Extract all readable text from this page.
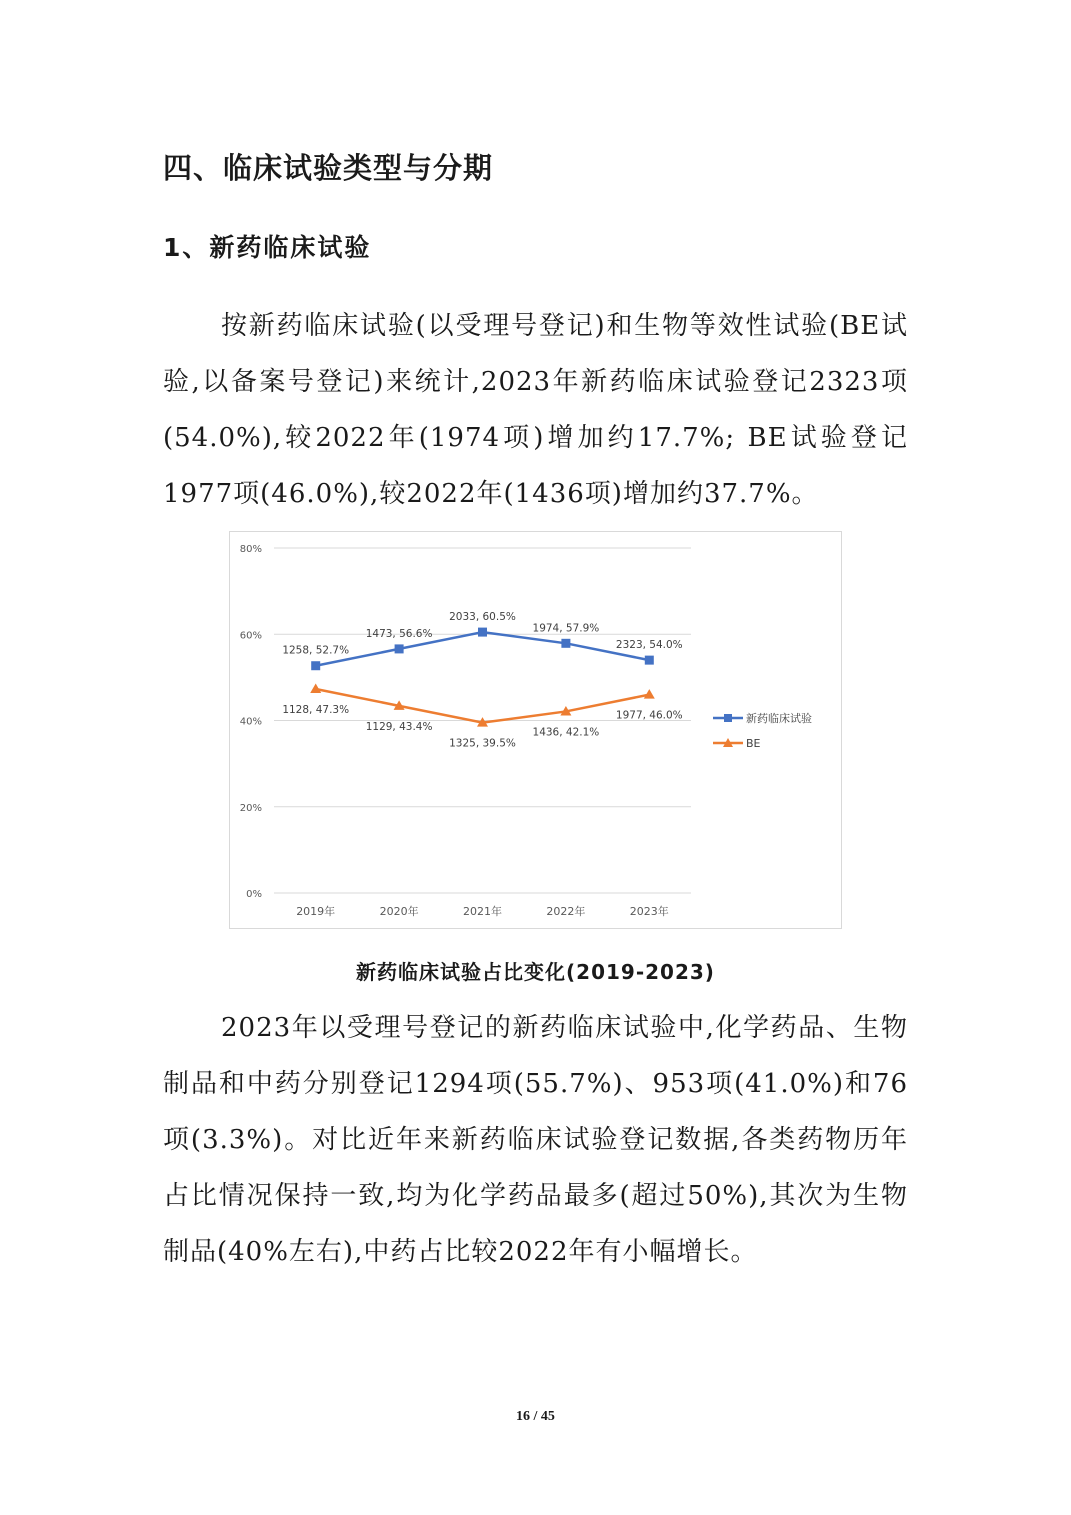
四、临床试验类型与分期
1、新药临床试验

按新药临床试验(以受理号登记)和生物等效性试验(BE试验,以备案号登记)来统计,2023年新药临床试验登记2323项(54.0%),较2022年(1974项)增加约17.7%; BE试验登记1977项(46.0%),较2022年(1436项)增加约37.7%。

0%
20%
40%
60%
80%
2019年	2020年	2021年	2022年	2023年
1258, 52.7%
1473, 56.6%
2033, 60.5%
1974, 57.9%
2323, 54.0%
1128, 47.3%
1129, 43.4%
1325, 39.5%
1436, 42.1%
1977, 46.0%	新药临床试验
BE

新药临床试验占比变化(2019-2023)

2023年以受理号登记的新药临床试验中,化学药品、生物制品和中药分别登记1294项(55.7%)、953项(41.0%)和76项(3.3%)。对比近年来新药临床试验登记数据,各类药物历年占比情况保持一致,均为化学药品最多(超过50%),其次为生物制品(40%左右),中药占比较2022年有小幅增长。

16 / 45
